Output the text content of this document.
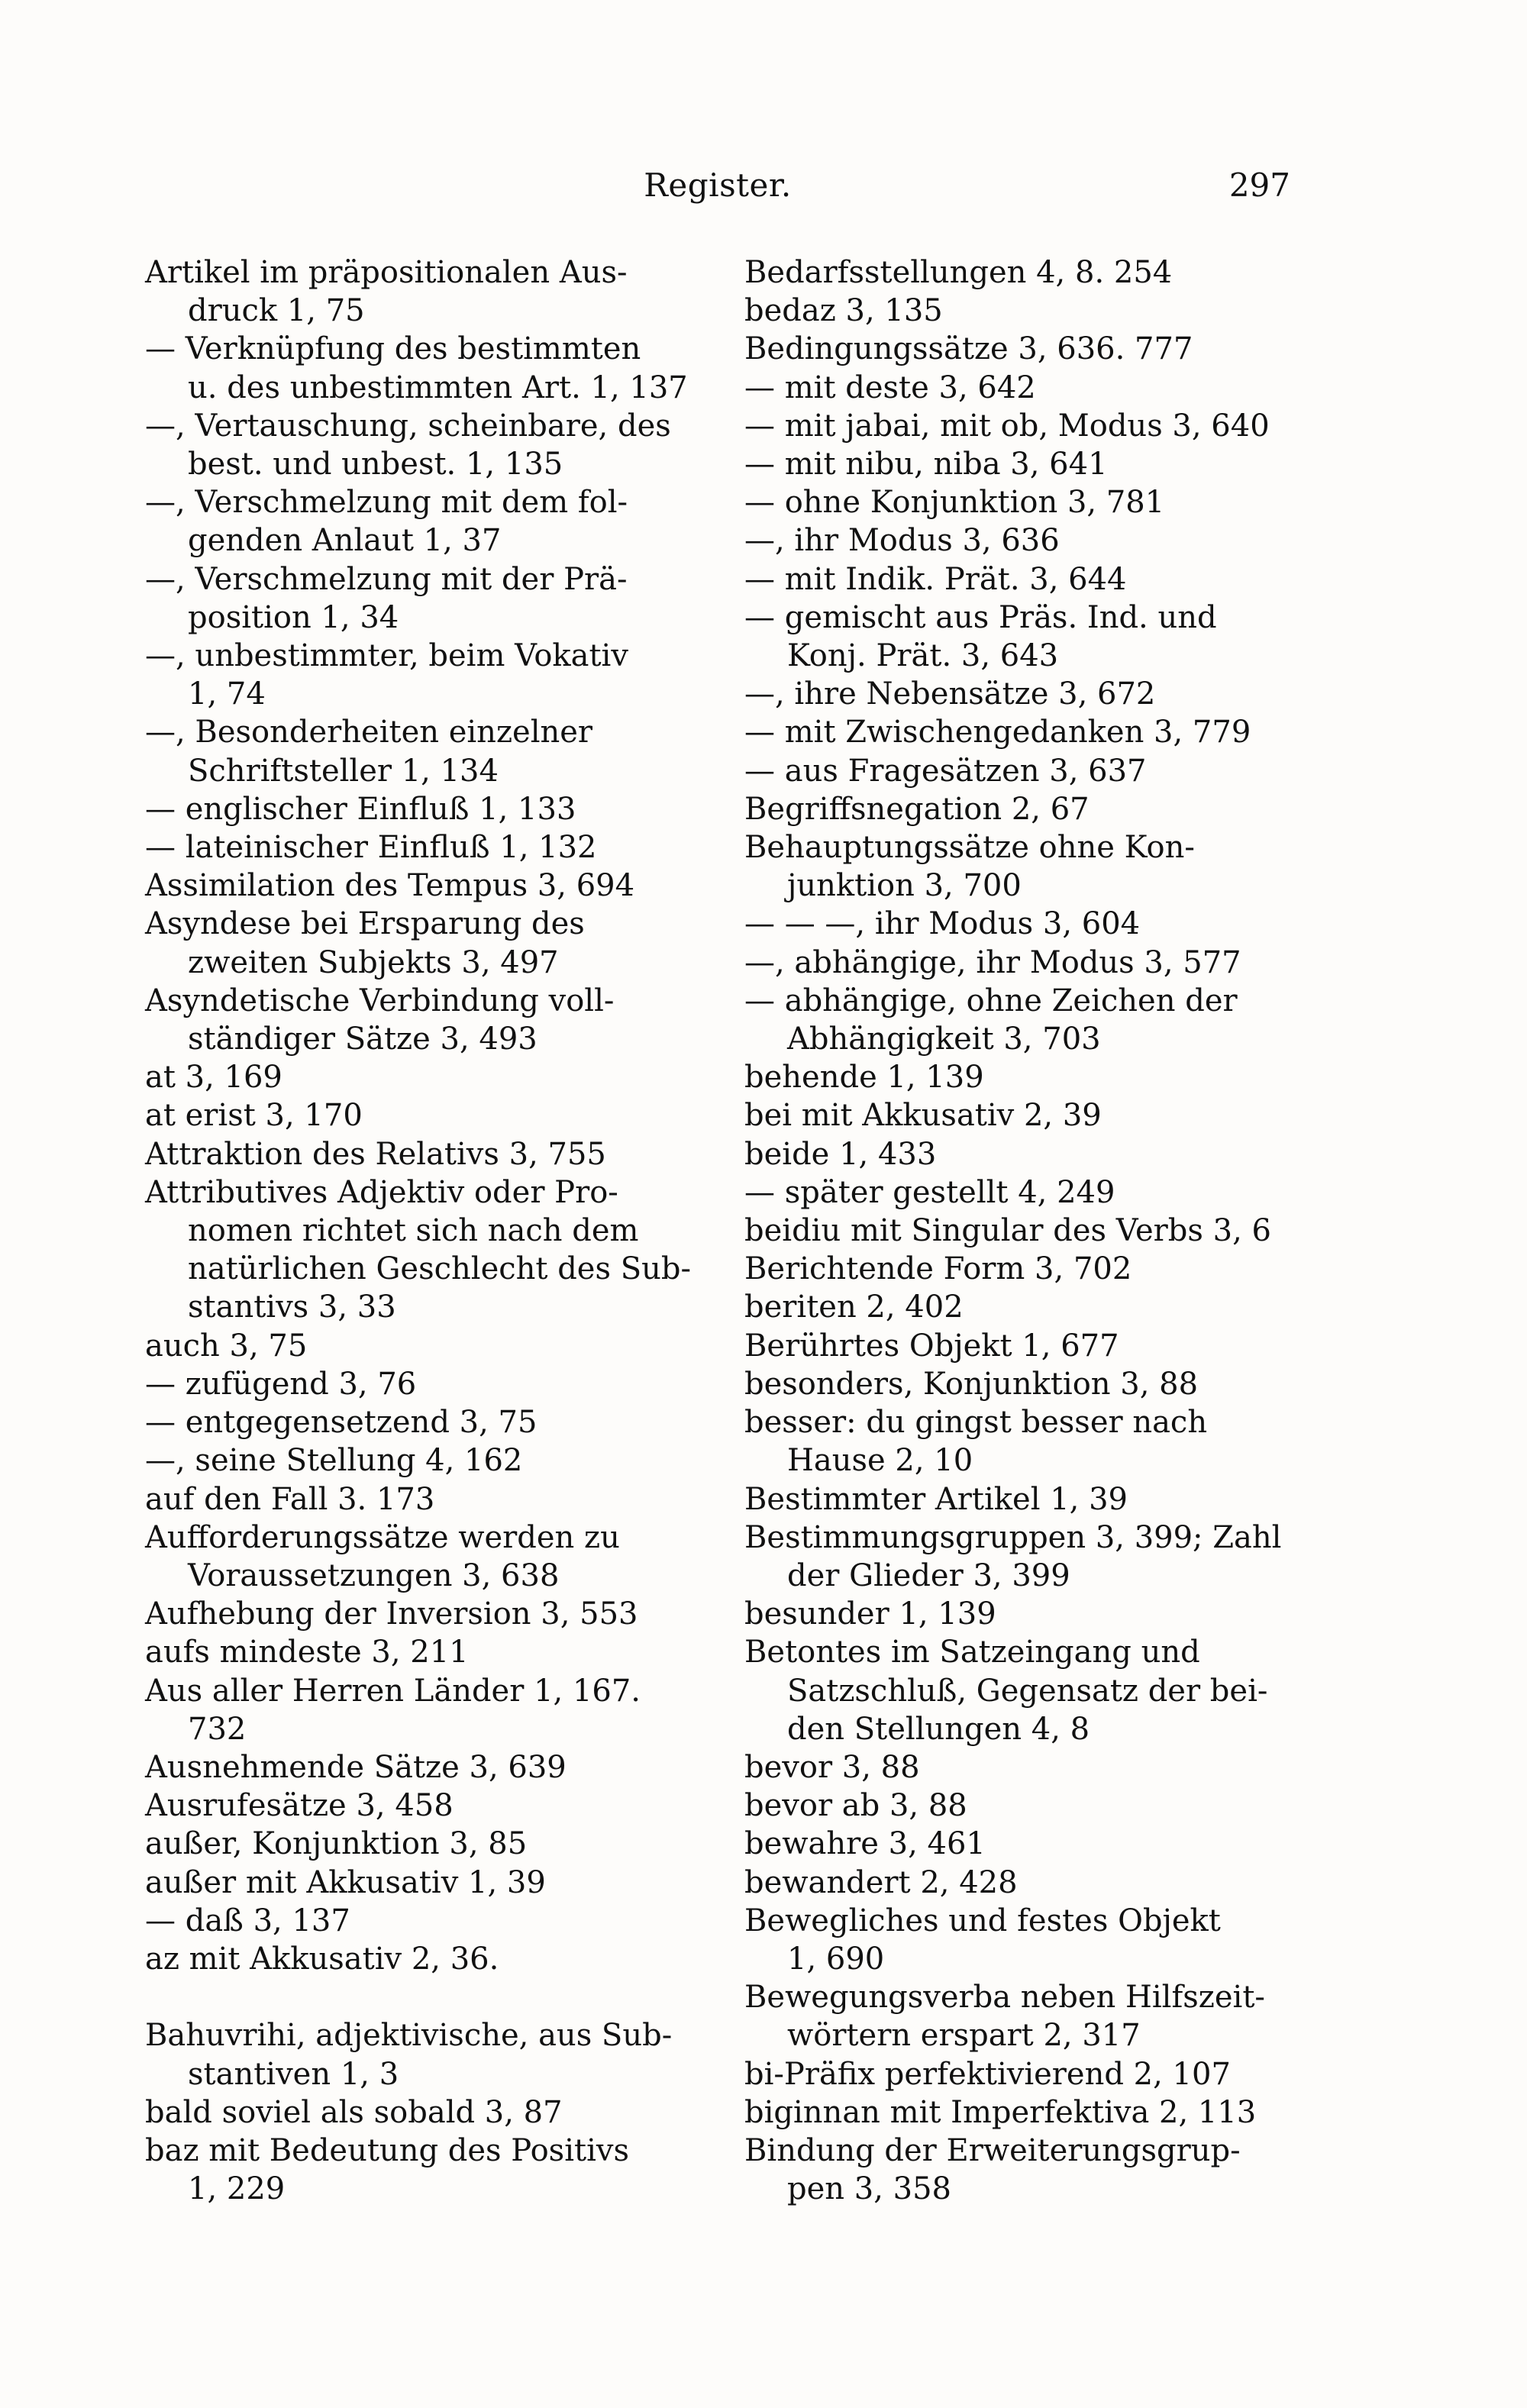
Register.	297
Artikel im präpositionalen Aus-
druck 1, 75
— Verknüpfung des bestimmten
u. des unbestimmten Art. 1, 137
—, Vertauschung, scheinbare, des
best. und unbest. 1, 135
—, Verschmelzung mit dem fol-
genden Anlaut 1, 37
—, Verschmelzung mit der Prä-
position 1, 34
—, unbestimmter, beim Vokativ
1, 74
—, Besonderheiten einzelner
Schriftsteller 1, 134
— englischer Einfluß 1, 133
— lateinischer Einfluß 1, 132
Assimilation des Tempus 3, 694
Asyndese bei Ersparung des
zweiten Subjekts 3, 497
Asyndetische Verbindung voll-
ständiger Sätze 3, 493
at 3, 169
at erist 3, 170
Attraktion des Relativs 3, 755
Attributives Adjektiv oder Pro-
nomen richtet sich nach dem
natürlichen Geschlecht des Sub-
stantivs 3, 33
auch 3, 75
— zufügend 3, 76
— entgegensetzend 3, 75
—, seine Stellung 4, 162
auf den Fall 3. 173
Aufforderungssätze werden zu
Voraussetzungen 3, 638
Aufhebung der Inversion 3, 553
aufs mindeste 3, 211
Aus aller Herren Länder 1, 167.
732
Ausnehmende Sätze 3, 639
Ausrufesätze 3, 458
außer, Konjunktion 3, 85
außer mit Akkusativ 1, 39
— daß 3, 137
az mit Akkusativ 2, 36.

Bahuvrihi, adjektivische, aus Sub-
stantiven 1, 3
bald soviel als sobald 3, 87
baz mit Bedeutung des Positivs
1, 229
Bedarfsstellungen 4, 8. 254
bedaz 3, 135
Bedingungssätze 3, 636. 777
— mit deste 3, 642
— mit jabai, mit ob, Modus 3, 640
— mit nibu, niba 3, 641
— ohne Konjunktion 3, 781
—, ihr Modus 3, 636
— mit Indik. Prät. 3, 644
— gemischt aus Präs. Ind. und
Konj. Prät. 3, 643
—, ihre Nebensätze 3, 672
— mit Zwischengedanken 3, 779
— aus Fragesätzen 3, 637
Begriffsnegation 2, 67
Behauptungssätze ohne Kon-
junktion 3, 700
— — —, ihr Modus 3, 604
—, abhängige, ihr Modus 3, 577
— abhängige, ohne Zeichen der
Abhängigkeit 3, 703
behende 1, 139
bei mit Akkusativ 2, 39
beide 1, 433
— später gestellt 4, 249
beidiu mit Singular des Verbs 3, 6
Berichtende Form 3, 702
beriten 2, 402
Berührtes Objekt 1, 677
besonders, Konjunktion 3, 88
besser: du gingst besser nach
Hause 2, 10
Bestimmter Artikel 1, 39
Bestimmungsgruppen 3, 399; Zahl
der Glieder 3, 399
besunder 1, 139
Betontes im Satzeingang und
Satzschluß, Gegensatz der bei-
den Stellungen 4, 8
bevor 3, 88
bevor ab 3, 88
bewahre 3, 461
bewandert 2, 428
Bewegliches und festes Objekt
1, 690
Bewegungsverba neben Hilfszeit-
wörtern erspart 2, 317
bi-Präfix perfektivierend 2, 107
biginnan mit Imperfektiva 2, 113
Bindung der Erweiterungsgrup-
pen 3, 358
